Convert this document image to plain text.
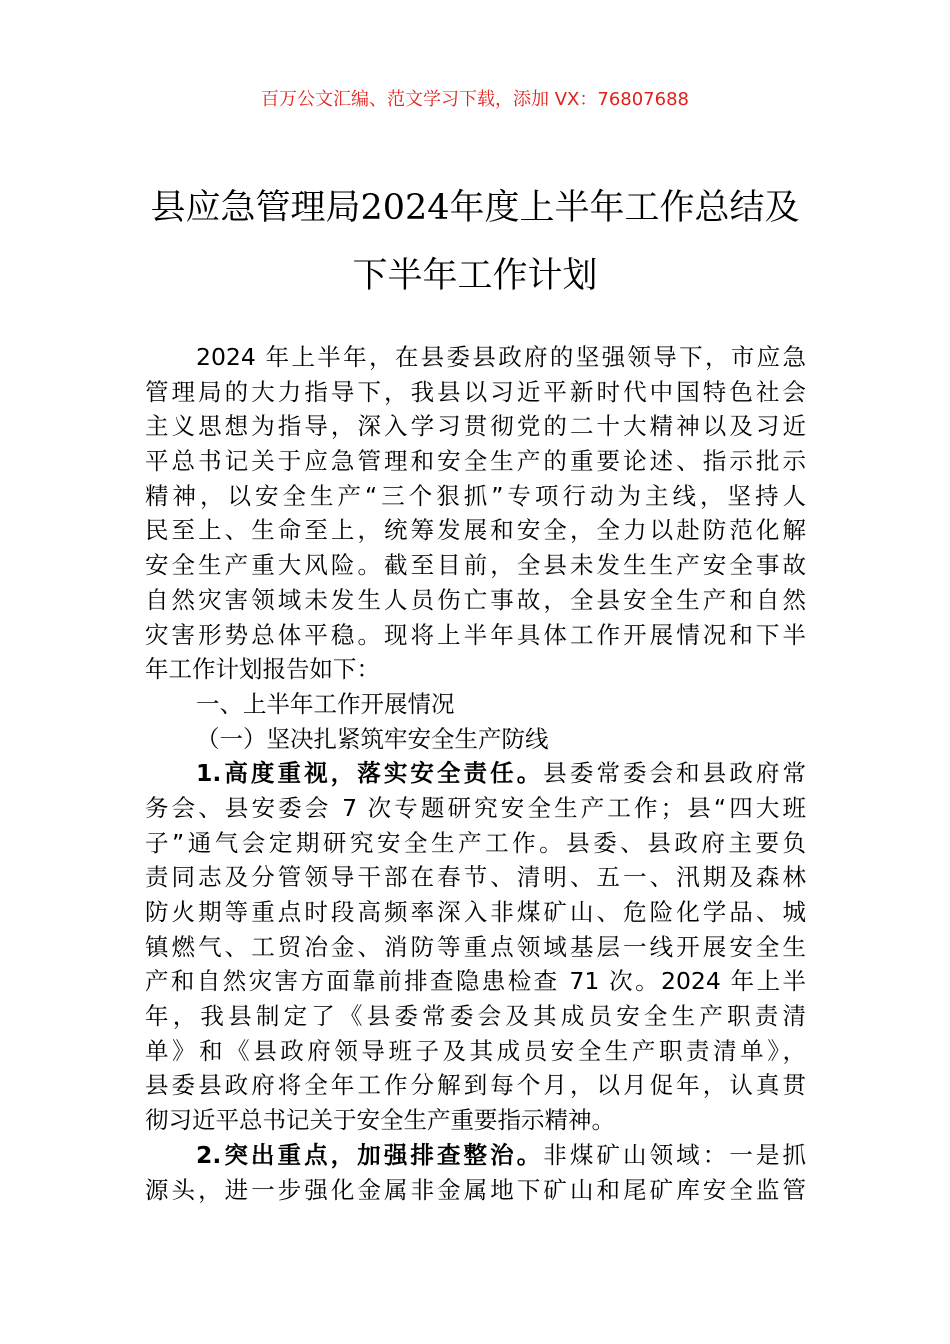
百万公文汇编、范文学习下载，添加 VX：76807688
县应急管理局2024年度上半年工作总结及
下半年工作计划
2024 年上半年，在县委县政府的坚强领导下，市应急
管理局的大力指导下，我县以习近平新时代中国特色社会
主义思想为指导，深入学习贯彻党的二十大精神以及习近
平总书记关于应急管理和安全生产的重要论述、指示批示
精神，以安全生产“三个狠抓”专项行动为主线，坚持人
民至上、生命至上，统筹发展和安全，全力以赴防范化解
安全生产重大风险。截至目前，全县未发生生产安全事故
自然灾害领域未发生人员伤亡事故，全县安全生产和自然
灾害形势总体平稳。现将上半年具体工作开展情况和下半
年工作计划报告如下：
一、上半年工作开展情况
（一）坚决扎紧筑牢安全生产防线
1.高度重视，落实安全责任。县委常委会和县政府常
务会、县安委会 7 次专题研究安全生产工作；县“四大班
子”通气会定期研究安全生产工作。县委、县政府主要负
责同志及分管领导干部在春节、清明、五一、汛期及森林
防火期等重点时段高频率深入非煤矿山、危险化学品、城
镇燃气、工贸冶金、消防等重点领域基层一线开展安全生
产和自然灾害方面靠前排查隐患检查 71 次。2024 年上半
年，我县制定了《县委常委会及其成员安全生产职责清
单》和《县政府领导班子及其成员安全生产职责清单》，
县委县政府将全年工作分解到每个月，以月促年，认真贯
彻习近平总书记关于安全生产重要指示精神。
2.突出重点，加强排查整治。非煤矿山领域：一是抓
源头，进一步强化金属非金属地下矿山和尾矿库安全监管
